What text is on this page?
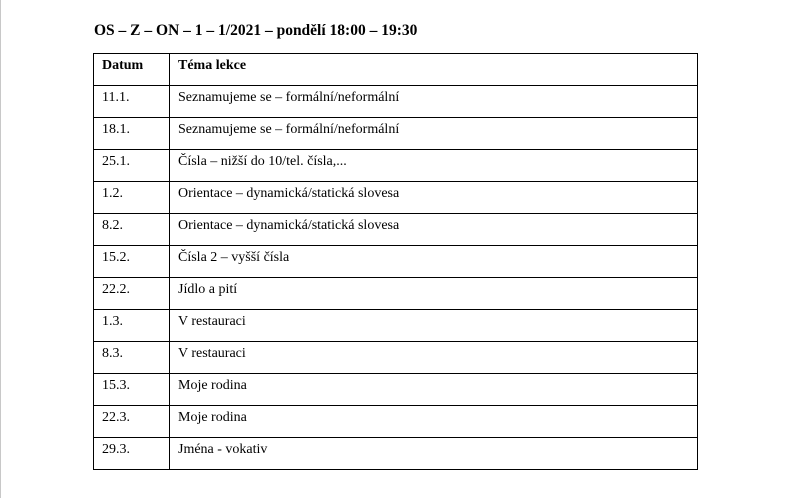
OS – Z – ON – 1 – 1/2021 – pondělí 18:00 – 19:30
Datum	Téma lekce
11.1.	Seznamujeme se – formální/neformální
18.1.	Seznamujeme se – formální/neformální
25.1.	Čísla – nižší do 10/tel. čísla,...
1.2.	Orientace – dynamická/statická slovesa
8.2.	Orientace – dynamická/statická slovesa
15.2.	Čísla 2 – vyšší čísla
22.2.	Jídlo a pití
1.3.	V restauraci
8.3.	V restauraci
15.3.	Moje rodina
22.3.	Moje rodina
29.3.	Jména - vokativ
